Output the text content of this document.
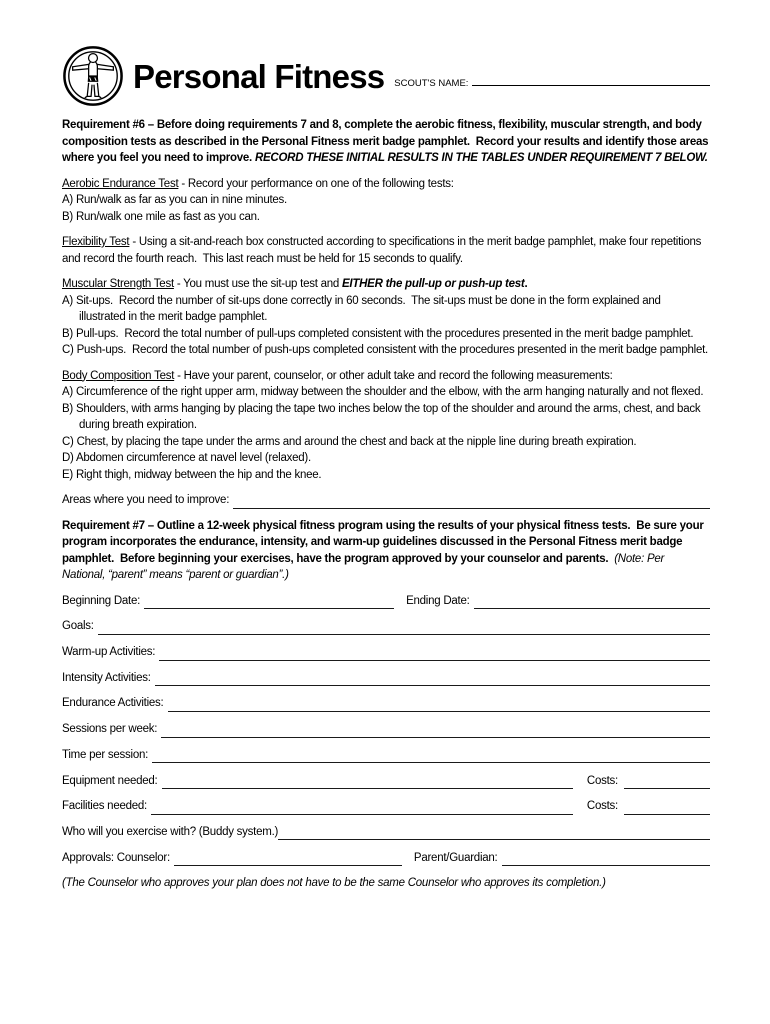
Personal Fitness SCOUT'S NAME:
Requirement #6 – Before doing requirements 7 and 8, complete the aerobic fitness, flexibility, muscular strength, and body composition tests as described in the Personal Fitness merit badge pamphlet.  Record your results and identify those areas where you feel you need to improve. RECORD THESE INITIAL RESULTS IN THE TABLES UNDER REQUIREMENT 7 BELOW.
Aerobic Endurance Test - Record your performance on one of the following tests:
A) Run/walk as far as you can in nine minutes.
B) Run/walk one mile as fast as you can.
Flexibility Test - Using a sit-and-reach box constructed according to specifications in the merit badge pamphlet, make four repetitions and record the fourth reach.  This last reach must be held for 15 seconds to qualify.
Muscular Strength Test - You must use the sit-up test and EITHER the pull-up or push-up test.
A) Sit-ups.  Record the number of sit-ups done correctly in 60 seconds.  The sit-ups must be done in the form explained and illustrated in the merit badge pamphlet.
B) Pull-ups.  Record the total number of pull-ups completed consistent with the procedures presented in the merit badge pamphlet.
C) Push-ups.  Record the total number of push-ups completed consistent with the procedures presented in the merit badge pamphlet.
Body Composition Test - Have your parent, counselor, or other adult take and record the following measurements:
A) Circumference of the right upper arm, midway between the shoulder and the elbow, with the arm hanging naturally and not flexed.
B) Shoulders, with arms hanging by placing the tape two inches below the top of the shoulder and around the arms, chest, and back during breath expiration.
C) Chest, by placing the tape under the arms and around the chest and back at the nipple line during breath expiration.
D) Abdomen circumference at navel level (relaxed).
E) Right thigh, midway between the hip and the knee.
Areas where you need to improve:
Requirement #7 – Outline a 12-week physical fitness program using the results of your physical fitness tests.  Be sure your program incorporates the endurance, intensity, and warm-up guidelines discussed in the Personal Fitness merit badge pamphlet.  Before beginning your exercises, have the program approved by your counselor and parents.  (Note: Per National, “parent” means “parent or guardian”.)
Beginning Date:	Ending Date:
Goals:
Warm-up Activities:
Intensity Activities:
Endurance Activities:
Sessions per week:
Time per session:
Equipment needed:	Costs:
Facilities needed:	Costs:
Who will you exercise with? (Buddy system.)
Approvals: Counselor:	Parent/Guardian:
(The Counselor who approves your plan does not have to be the same Counselor who approves its completion.)
